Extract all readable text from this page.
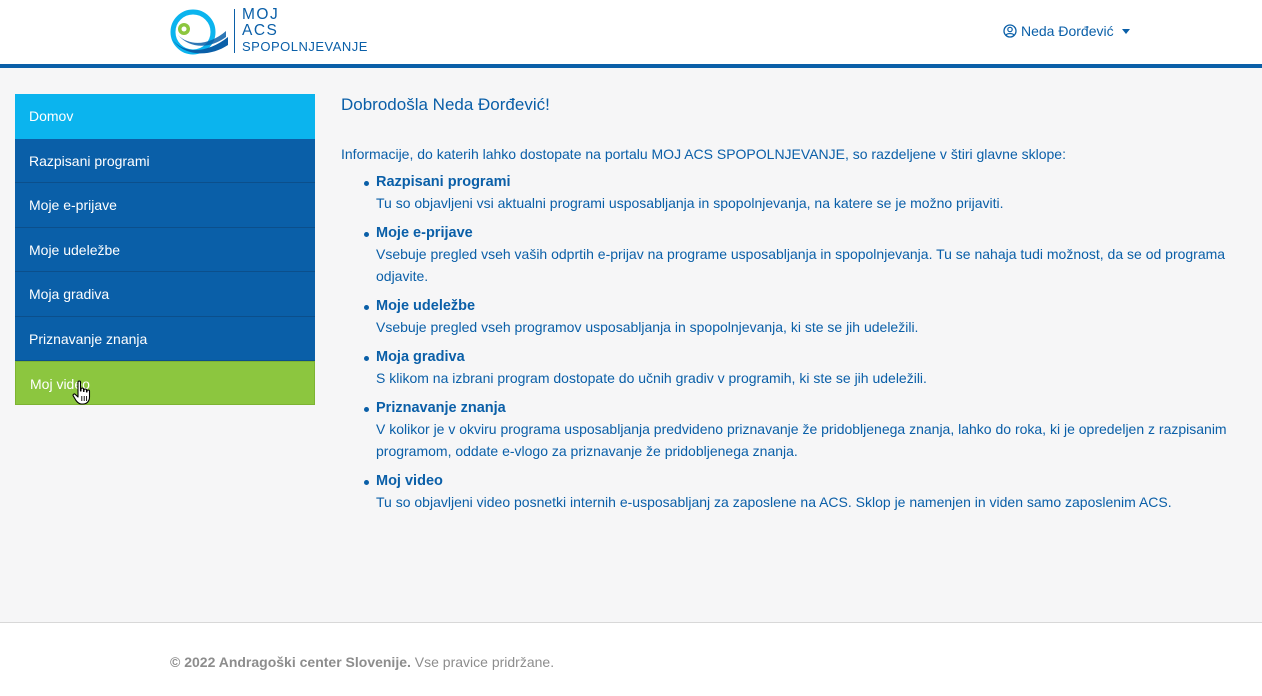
MOJ
ACS
SPOPOLNJEVANJE
Neda Đorđević
Domov
Razpisani programi
Moje e-prijave
Moje udeležbe
Moja gradiva
Priznavanje znanja
Moj video
Dobrodošla Neda Đorđević!

Informacije, do katerih lahko dostopate na portalu MOJ ACS SPOPOLNJEVANJE, so razdeljene v štiri glavne sklope:

Razpisani programi
Tu so objavljeni vsi aktualni programi usposabljanja in spopolnjevanja, na katere se je možno prijaviti.
Moje e-prijave
Vsebuje pregled vseh vaših odprtih e-prijav na programe usposabljanja in spopolnjevanja. Tu se nahaja tudi možnost, da se od programa odjavite.
Moje udeležbe
Vsebuje pregled vseh programov usposabljanja in spopolnjevanja, ki ste se jih udeležili.
Moja gradiva
S klikom na izbrani program dostopate do učnih gradiv v programih, ki ste se jih udeležili.
Priznavanje znanja
V kolikor je v okviru programa usposabljanja predvideno priznavanje že pridobljenega znanja, lahko do roka, ki je opredeljen z razpisanim programom, oddate e-vlogo za priznavanje že pridobljenega znanja.
Moj video
Tu so objavljeni video posnetki internih e-usposabljanj za zaposlene na ACS. Sklop je namenjen in viden samo zaposlenim ACS.
© 2022 Andragoški center Slovenije. Vse pravice pridržane.
